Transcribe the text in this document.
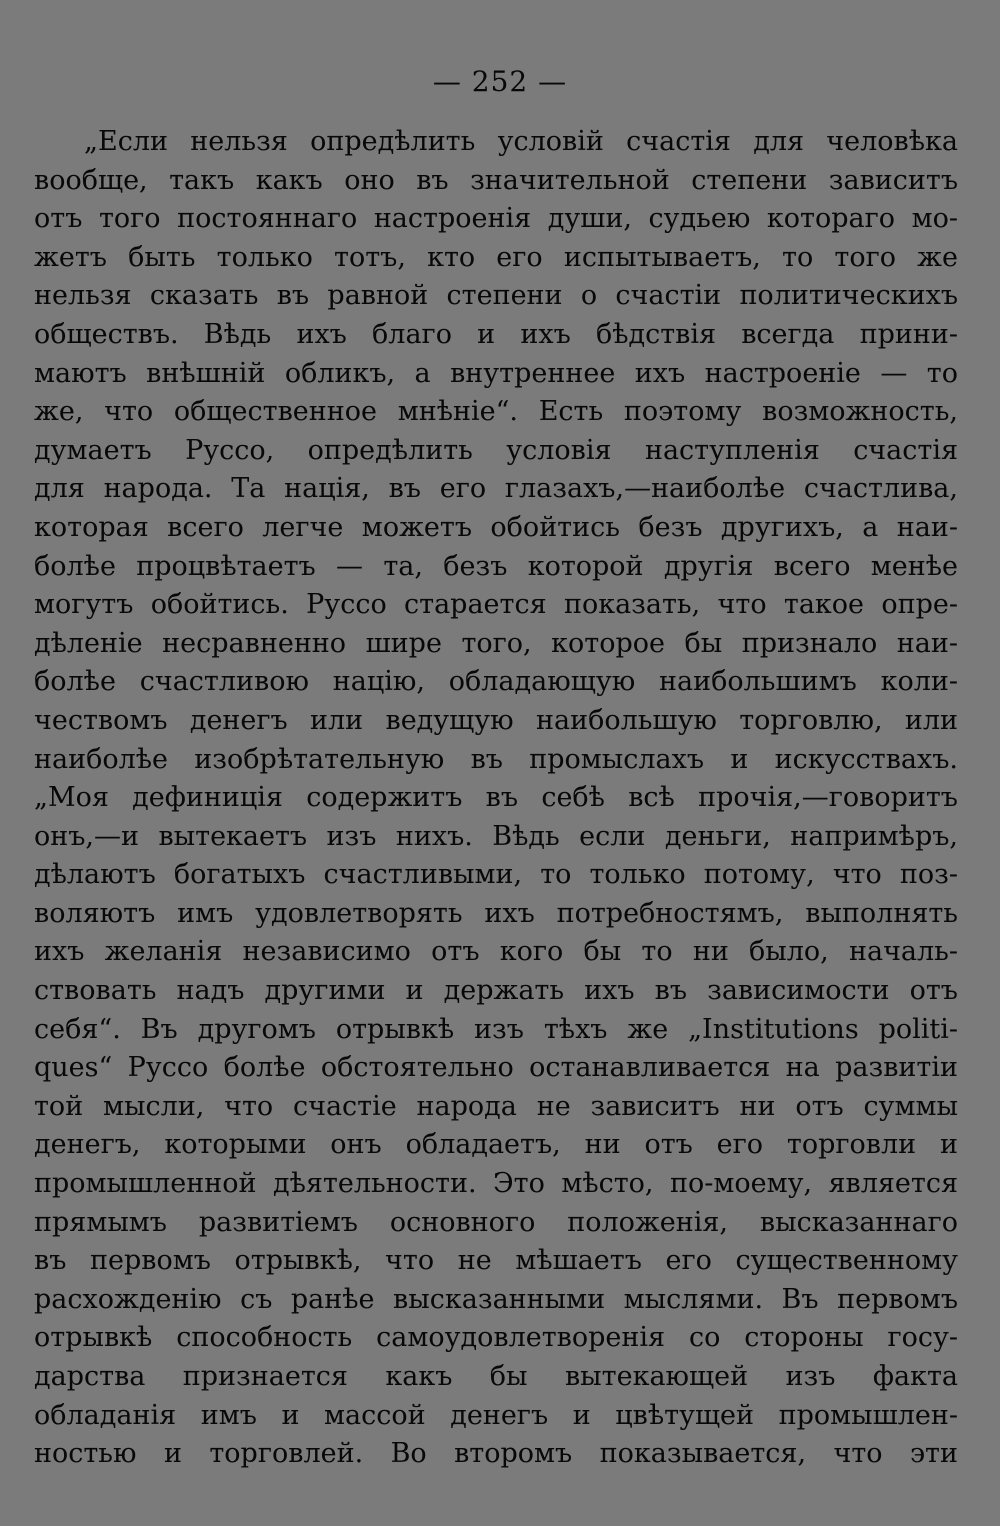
— 252 —
„Если нельзя опредѣлить условій счастія для человѣка
вообще, такъ какъ оно въ значительной степени зависитъ
отъ того постояннаго настроенія души, судьею котораго мо-
жетъ быть только тотъ, кто его испытываетъ, то того же
нельзя сказать въ равной степени о счастіи политическихъ
обществъ. Вѣдь ихъ благо и ихъ бѣдствія всегда прини-
маютъ внѣшній обликъ, а внутреннее ихъ настроеніе — то
же, что общественное мнѣніе“. Есть поэтому возможность,
думаетъ Руссо, опредѣлить условія наступленія счастія
для народа. Та нація, въ его глазахъ,—наиболѣе счастлива,
которая всего легче можетъ обойтись безъ другихъ, а наи-
болѣе процвѣтаетъ — та, безъ которой другія всего менѣе
могутъ обойтись. Руссо старается показать, что такое опре-
дѣленіе несравненно шире того, которое бы признало наи-
болѣе счастливою націю, обладающую наибольшимъ коли-
чествомъ денегъ или ведущую наибольшую торговлю, или
наиболѣе изобрѣтательную въ промыслахъ и искусствахъ.
„Моя дефиниція содержитъ въ себѣ всѣ прочія,—говоритъ
онъ,—и вытекаетъ изъ нихъ. Вѣдь если деньги, напримѣръ,
дѣлаютъ богатыхъ счастливыми, то только потому, что поз-
воляютъ имъ удовлетворять ихъ потребностямъ, выполнять
ихъ желанія независимо отъ кого бы то ни было, началь-
ствовать надъ другими и держать ихъ въ зависимости отъ
себя“. Въ другомъ отрывкѣ изъ тѣхъ же „Institutions politi-
ques“ Руссо болѣе обстоятельно останавливается на развитіи
той мысли, что счастіе народа не зависитъ ни отъ суммы
денегъ, которыми онъ обладаетъ, ни отъ его торговли и
промышленной дѣятельности. Это мѣсто, по-моему, является
прямымъ развитіемъ основного положенія, высказаннаго
въ первомъ отрывкѣ, что не мѣшаетъ его существенному
расхожденію съ ранѣе высказанными мыслями. Въ первомъ
отрывкѣ способность самоудовлетворенія со стороны госу-
дарства признается какъ бы вытекающей изъ факта
обладанія имъ и массой денегъ и цвѣтущей промышлен-
ностью и торговлей. Во второмъ показывается, что эти
